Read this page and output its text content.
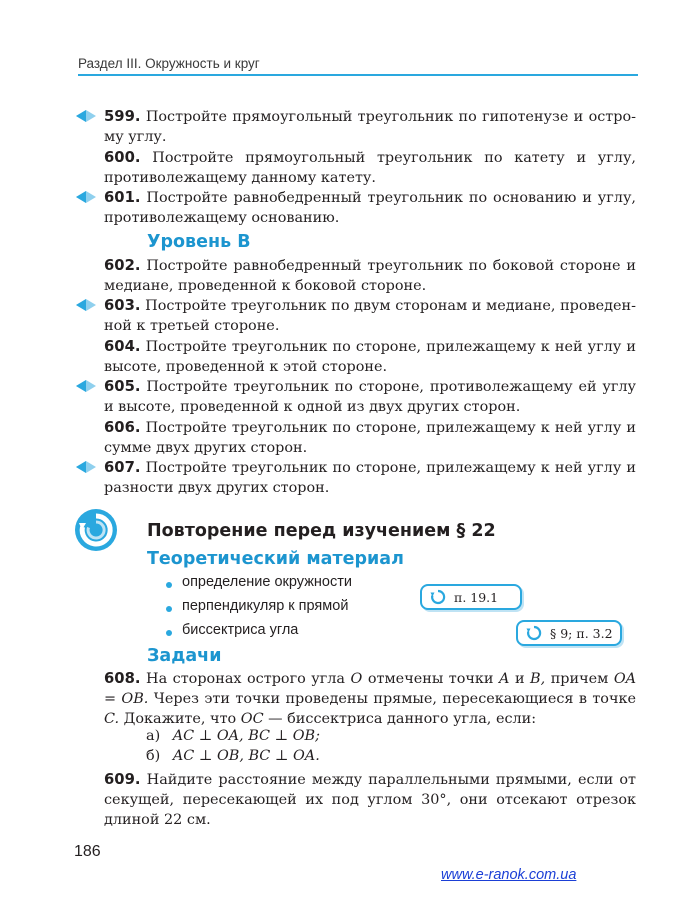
Раздел III. Окружность и круг
599. Постройте прямоугольный треугольник по гипотенузе и острому углу.
600. Постройте прямоугольный треугольник по катету и углу, противолежащему данному катету.
601. Постройте равнобедренный треугольник по основанию и углу, противолежащему основанию.
Уровень В
602. Постройте равнобедренный треугольник по боковой стороне и медиане, проведенной к боковой стороне.
603. Постройте треугольник по двум сторонам и медиане, проведенной к третьей стороне.
604. Постройте треугольник по стороне, прилежащему к ней углу и высоте, проведенной к этой стороне.
605. Постройте треугольник по стороне, противолежащему ей углу и высоте, проведенной к одной из двух других сторон.
606. Постройте треугольник по стороне, прилежащему к ней углу и сумме двух других сторон.
607. Постройте треугольник по стороне, прилежащему к ней углу и разности двух других сторон.
Повторение перед изучением § 22
Теоретический материал
определение окружности
перпендикуляр к прямой
биссектриса угла
п. 19.1
§ 9; п. 3.2
Задачи
608. На сторонах острого угла O отмечены точки A и B, причем OA = OB. Через эти точки проведены прямые, пересекающиеся в точке C. Докажите, что OC — биссектриса данного угла, если:
а) AC ⊥ OA, BC ⊥ OB;
б) AC ⊥ OB, BC ⊥ OA.
609. Найдите расстояние между параллельными прямыми, если от секущей, пересекающей их под углом 30°, они отсекают отрезок длиной 22 см.
186
www.e-ranok.com.ua
